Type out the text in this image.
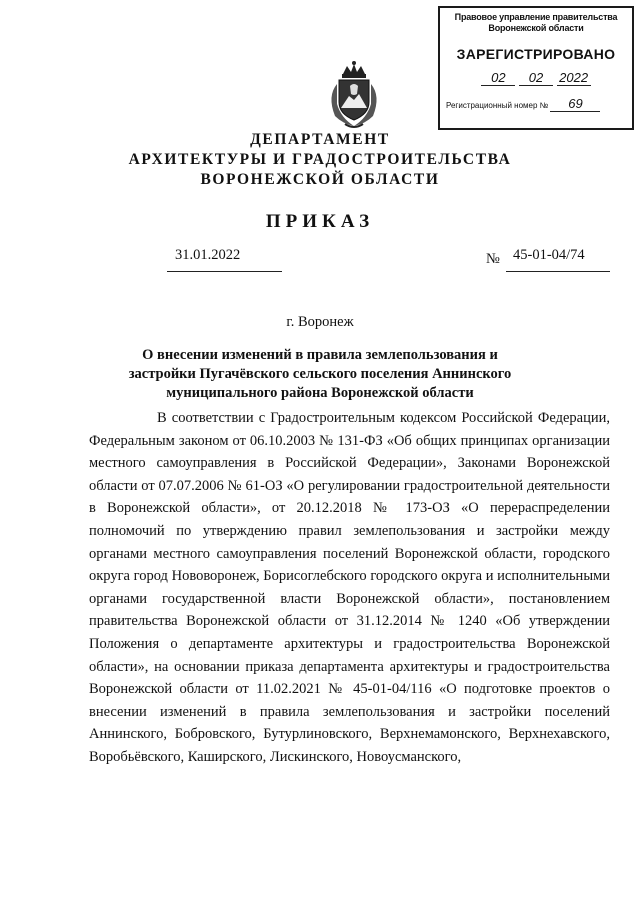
Правовое управление правительства Воронежской области
ЗАРЕГИСТРИРОВАНО
02 02 2022
Регистрационный номер № 69
ДЕПАРТАМЕНТ
АРХИТЕКТУРЫ И ГРАДОСТРОИТЕЛЬСТВА
ВОРОНЕЖСКОЙ ОБЛАСТИ
ПРИКАЗ
31.01.2022	№ 45-01-04/74
г. Воронеж
О внесении изменений в правила землепользования и застройки Пугачёвского сельского поселения Аннинского муниципального района Воронежской области

В соответствии с Градостроительным кодексом Российской Федерации, Федеральным законом от 06.10.2003 № 131-ФЗ «Об общих принципах организации местного самоуправления в Российской Федерации», Законами Воронежской области от 07.07.2006 № 61-ОЗ «О регулировании градостроительной деятельности в Воронежской области», от 20.12.2018 № 173-ОЗ «О перераспределении полномочий по утверждению правил землепользования и застройки между органами местного самоуправления поселений Воронежской области, городского округа город Нововоронеж, Борисоглебского городского округа и исполнительными органами государственной власти Воронежской области», постановлением правительства Воронежской области от 31.12.2014 № 1240 «Об утверждении Положения о департаменте архитектуры и градостроительства Воронежской области», на основании приказа департамента архитектуры и градостроительства Воронежской области от 11.02.2021 № 45-01-04/116 «О подготовке проектов о внесении изменений в правила землепользования и застройки поселений Аннинского, Бобровского, Бутурлиновского, Верхнемамонского, Верхнехавского, Воробьёвского, Каширского, Лискинского, Новоусманского,
